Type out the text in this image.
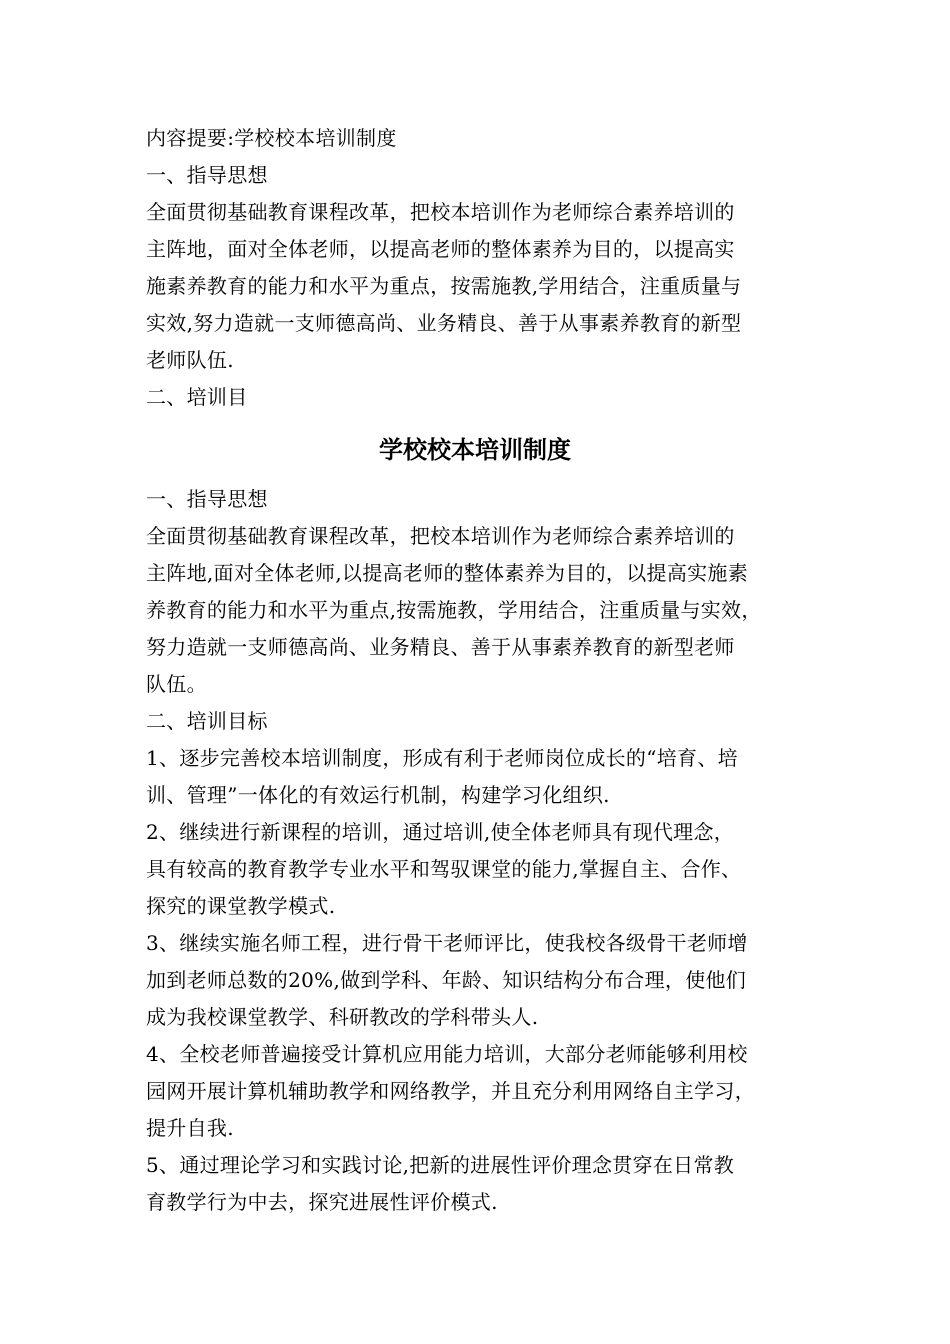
内容提要:学校校本培训制度
一、指导思想
全面贯彻基础教育课程改革，把校本培训作为老师综合素养培训的
主阵地，面对全体老师，以提高老师的整体素养为目的，以提高实
施素养教育的能力和水平为重点，按需施教,学用结合，注重质量与
实效,努力造就一支师德高尚、业务精良、善于从事素养教育的新型
老师队伍.
二、培训目
学校校本培训制度
一、指导思想
全面贯彻基础教育课程改革，把校本培训作为老师综合素养培训的
主阵地,面对全体老师,以提高老师的整体素养为目的，以提高实施素
养教育的能力和水平为重点,按需施教，学用结合，注重质量与实效，
努力造就一支师德高尚、业务精良、善于从事素养教育的新型老师
队伍。
二、培训目标
1、逐步完善校本培训制度，形成有利于老师岗位成长的“培育、培
训、管理”一体化的有效运行机制，构建学习化组织.
2、继续进行新课程的培训，通过培训,使全体老师具有现代理念，
具有较高的教育教学专业水平和驾驭课堂的能力,掌握自主、合作、
探究的课堂教学模式.
3、继续实施名师工程，进行骨干老师评比，使我校各级骨干老师增
加到老师总数的20%,做到学科、年龄、知识结构分布合理，使他们
成为我校课堂教学、科研教改的学科带头人.
4、全校老师普遍接受计算机应用能力培训，大部分老师能够利用校
园网开展计算机辅助教学和网络教学，并且充分利用网络自主学习，
提升自我.
5、通过理论学习和实践讨论,把新的进展性评价理念贯穿在日常教
育教学行为中去，探究进展性评价模式.
